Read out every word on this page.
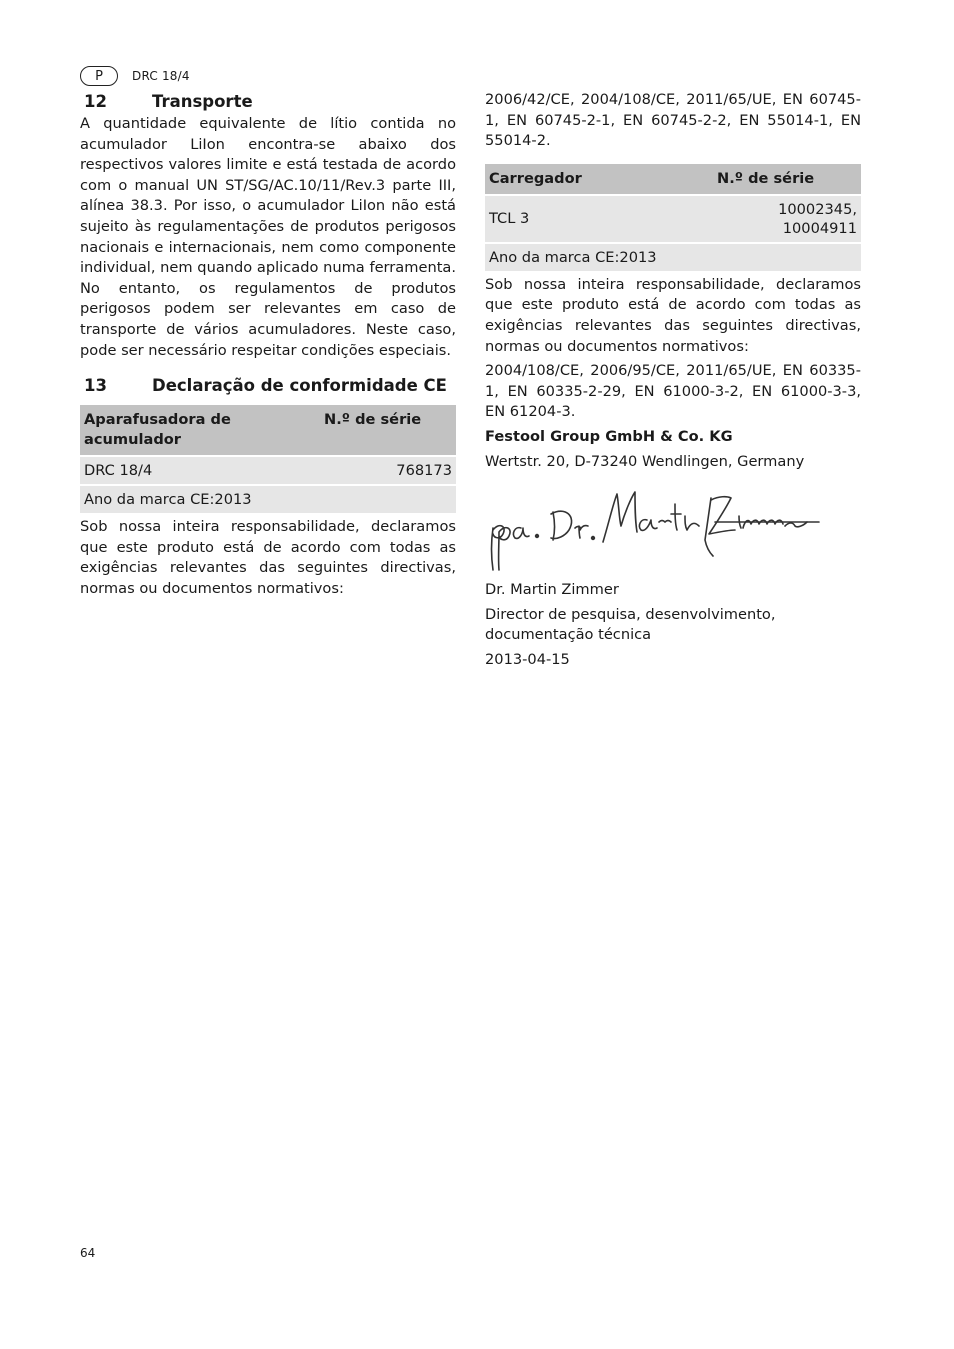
P	DRC 18/4
12	Transporte

A quantidade equivalente de lítio contida no acumulador LiIon encontra-se abaixo dos respectivos valores limite e está testada de acordo com o manual UN ST/SG/AC.10/11/Rev.3 parte III, alínea 38.3. Por isso, o acumulador LiIon não está sujeito às regulamentações de produtos perigosos nacionais e internacionais, nem como componente individual, nem quando aplicado numa ferramenta. No entanto, os regulamentos de produtos perigosos podem ser relevantes em caso de transporte de vários acumuladores. Neste caso, pode ser necessário respeitar condições especiais.

13	Declaração de conformidade CE
Aparafusadora de acumulador	N.º de série
DRC 18/4	768173
Ano da marca CE:2013	

Sob nossa inteira responsabilidade, declaramos que este produto está de acordo com todas as exigências relevantes das seguintes directivas, normas ou documentos normativos:

2006/42/CE, 2004/108/CE, 2011/65/UE, EN 60745-1, EN 60745-2-1, EN 60745-2-2, EN 55014-1, EN 55014-2.

Carregador	N.º de série
TCL 3	10002345, 10004911
Ano da marca CE:2013	

Sob nossa inteira responsabilidade, declaramos que este produto está de acordo com todas as exigências relevantes das seguintes directivas, normas ou documentos normativos:

2004/108/CE, 2006/95/CE, 2011/65/UE, EN 60335-1, EN 60335-2-29, EN 61000-3-2, EN 61000-3-3, EN 61204-3.

Festool Group GmbH & Co. KG

Wertstr. 20, D-73240 Wendlingen, Germany

Dr. Martin Zimmer

Director de pesquisa, desenvolvimento, documentação técnica

2013-04-15

64
